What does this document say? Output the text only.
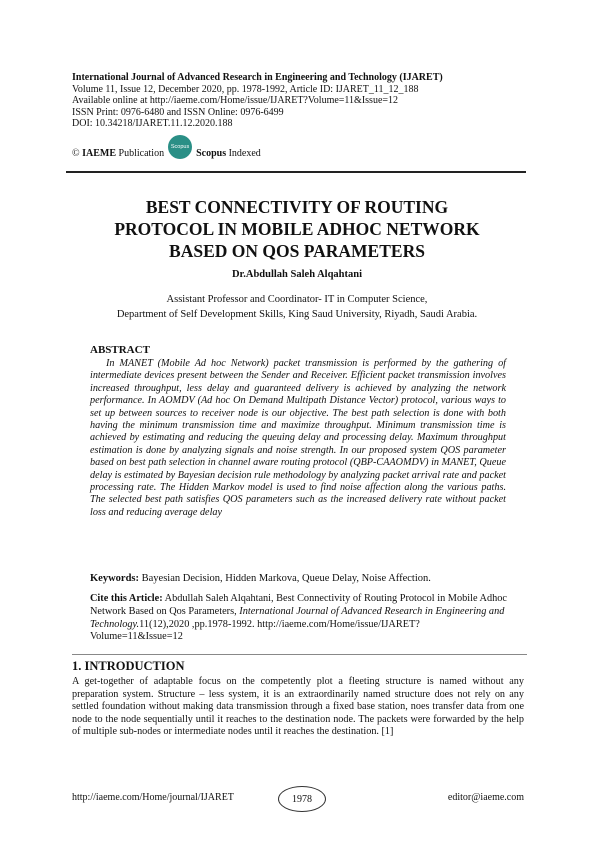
International Journal of Advanced Research in Engineering and Technology (IJARET)
Volume 11, Issue 12, December 2020, pp. 1978-1992, Article ID: IJARET_11_12_188
Available online at http://iaeme.com/Home/issue/IJARET?Volume=11&Issue=12
ISSN Print: 0976-6480 and ISSN Online: 0976-6499
DOI: 10.34218/IJARET.11.12.2020.188
©
IAEME
Publication
Scopus
Scopus
Indexed
BEST CONNECTIVITY OF ROUTING
PROTOCOL IN MOBILE ADHOC NETWORK
BASED ON QOS PARAMETERS
Dr.Abdullah Saleh Alqahtani
Assistant Professor and Coordinator- IT in Computer Science,
Department of Self Development Skills, King Saud University, Riyadh, Saudi Arabia.
ABSTRACT
In MANET (Mobile Ad hoc Network) packet transmission is performed by the gathering of intermediate devices present between the Sender and Receiver. Efficient packet transmission involves increased throughput, less delay and guaranteed delivery is achieved by analyzing the network performance. In AOMDV (Ad hoc On Demand Multipath Distance Vector) protocol, various ways to set up between sources to receiver node is our objective. The best path selection is done with both having the minimum transmission time and maximize throughput. Minimum transmission time is achieved by estimating and reducing the queuing delay and processing delay. Maximum throughput estimation is done by analyzing signals and noise strength. In our proposed system QOS parameter based on best path selection in channel aware routing protocol (QBP-CAAOMDV) in MANET, Queue delay is estimated by Bayesian decision rule methodology by analyzing packet arrival rate and packet processing rate. The Hidden Markov model is used to find noise affection along the various paths. The selected best path satisfies QOS parameters such as the increased delivery rate without packet loss and reducing average delay
Keywords: Bayesian Decision, Hidden Markova, Queue Delay, Noise Affection.
Cite this Article: Abdullah Saleh Alqahtani, Best Connectivity of Routing Protocol in Mobile Adhoc Network Based on Qos Parameters, International Journal of Advanced Research in Engineering and Technology.11(12),2020 ,pp.1978-1992. http://iaeme.com/Home/issue/IJARET?Volume=11&Issue=12
1. INTRODUCTION
A get-together of adaptable focus on the competently plot a fleeting structure is named without any preparation system. Structure – less system, it is an extraordinarily named structure does not rely on any settled foundation without making data transmission through a fixed base station, noes transfer data from one node to the node sequentially until it reaches to the destination node. The packets were forwarded by the help of multiple sub-nodes or intermediate nodes until it reaches the destination. [1]
http://iaeme.com/Home/journal/IJARET	1978	editor@iaeme.com
